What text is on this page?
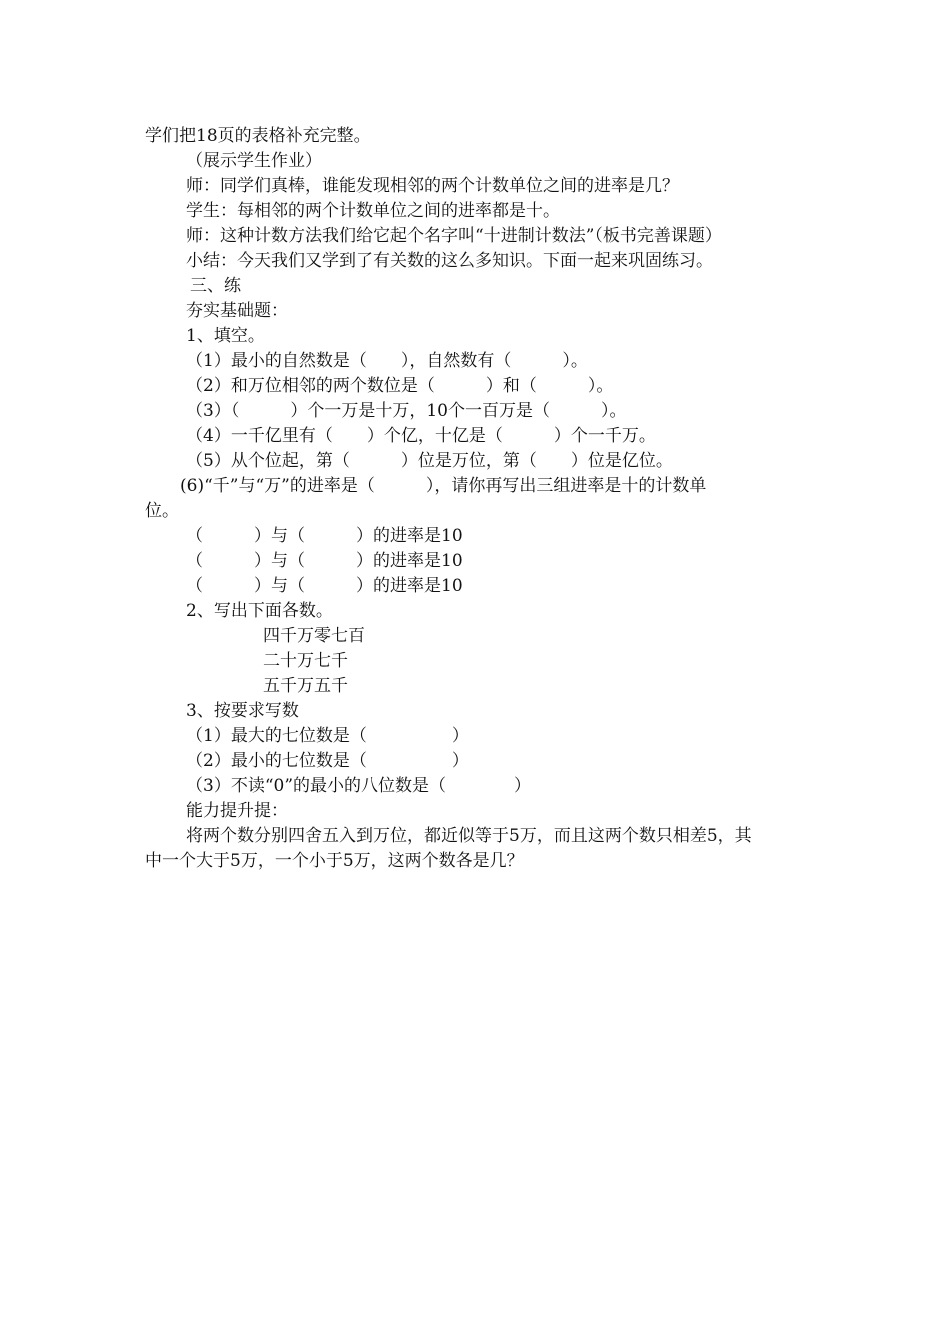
学们把18页的表格补充完整。
（展示学生作业）
师：同学们真棒，谁能发现相邻的两个计数单位之间的进率是几？
学生：每相邻的两个计数单位之间的进率都是十。
师：这种计数方法我们给它起个名字叫“十进制计数法”（板书完善课题）
小结：今天我们又学到了有关数的这么多知识。下面一起来巩固练习。
三、练
夯实基础题：
1、填空。
（1）最小的自然数是（　　），自然数有（　　　）。
（2）和万位相邻的两个数位是（　　　）和（　　　）。
（3）（　　　）个一万是十万，10个一百万是（　　　）。
（4）一千亿里有（　　）个亿，十亿是（　　　）个一千万。
（5）从个位起，第（　　　）位是万位，第（　　）位是亿位。
(6)“千”与“万”的进率是（　　　），请你再写出三组进率是十的计数单
位。
（　　　）与（　　　）的进率是10
（　　　）与（　　　）的进率是10
（　　　）与（　　　）的进率是10
2、写出下面各数。
四千万零七百
二十万七千
五千万五千
3、按要求写数
（1）最大的七位数是（　　　　　）
（2）最小的七位数是（　　　　　）
（3）不读“0”的最小的八位数是（　　　　）
能力提升提：
将两个数分别四舍五入到万位，都近似等于5万，而且这两个数只相差5，其
中一个大于5万，一个小于5万，这两个数各是几？
